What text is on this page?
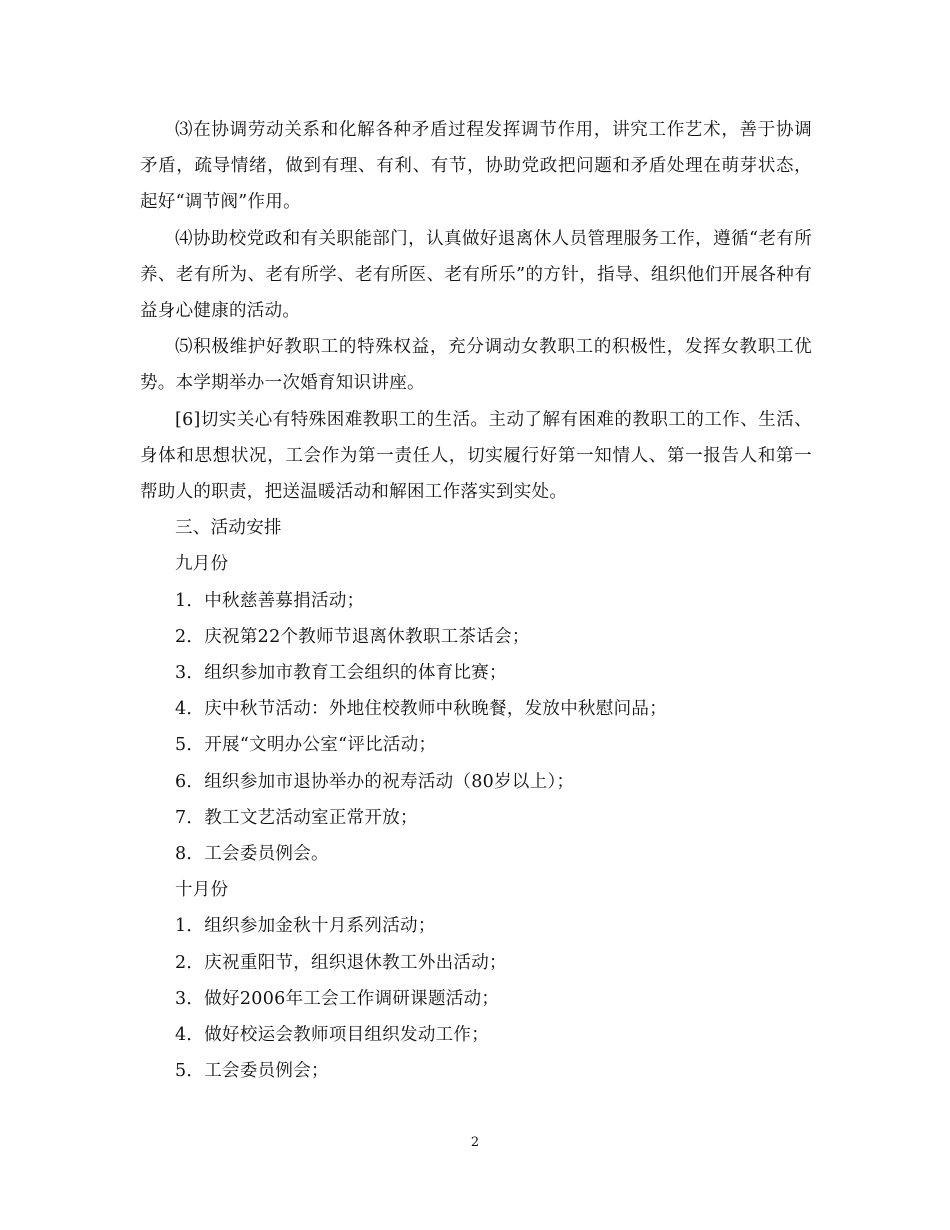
⑶在协调劳动关系和化解各种矛盾过程发挥调节作用，讲究工作艺术，善于协调矛盾，疏导情绪，做到有理、有利、有节，协助党政把问题和矛盾处理在萌芽状态，起好“调节阀”作用。

⑷协助校党政和有关职能部门，认真做好退离休人员管理服务工作，遵循“老有所养、老有所为、老有所学、老有所医、老有所乐”的方针，指导、组织他们开展各种有益身心健康的活动。

⑸积极维护好教职工的特殊权益，充分调动女教职工的积极性，发挥女教职工优势。本学期举办一次婚育知识讲座。

[6]切实关心有特殊困难教职工的生活。主动了解有困难的教职工的工作、生活、身体和思想状况，工会作为第一责任人，切实履行好第一知情人、第一报告人和第一帮助人的职责，把送温暖活动和解困工作落实到实处。

三、活动安排

九月份

1．中秋慈善募捐活动；

2．庆祝第22个教师节退离休教职工茶话会；

3．组织参加市教育工会组织的体育比赛；

4．庆中秋节活动：外地住校教师中秋晚餐，发放中秋慰问品；

5．开展“文明办公室“评比活动；

6．组织参加市退协举办的祝寿活动（80岁以上）；

7．教工文艺活动室正常开放；

8．工会委员例会。

十月份

1．组织参加金秋十月系列活动；

2．庆祝重阳节，组织退休教工外出活动；

3．做好2006年工会工作调研课题活动；

4．做好校运会教师项目组织发动工作；

5．工会委员例会；

2
